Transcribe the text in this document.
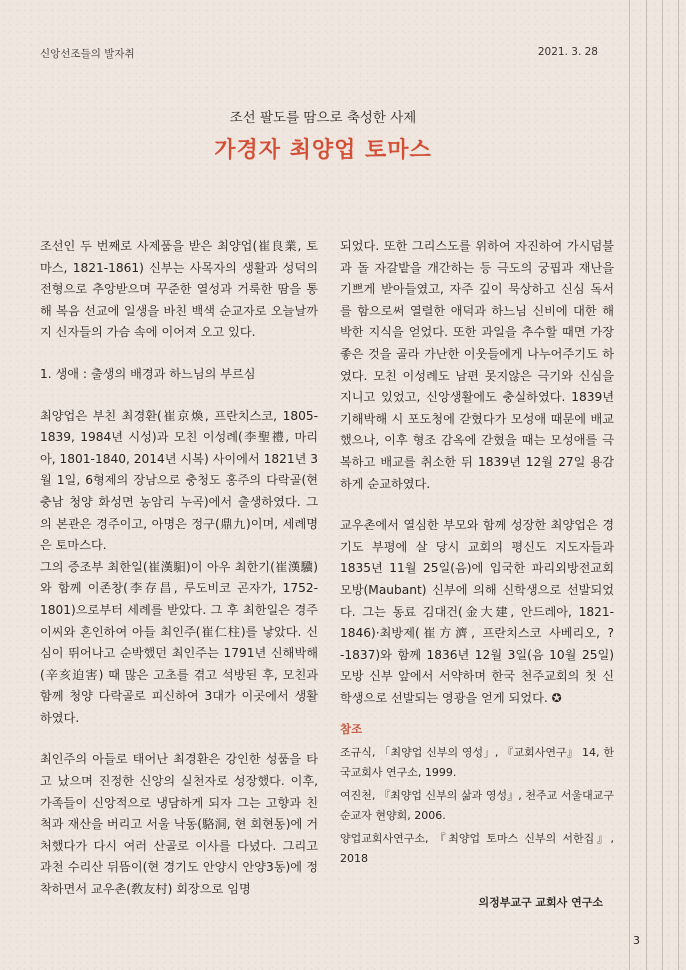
신앙선조들의 발자취	2021. 3. 28
조선 팔도를 땀으로 축성한 사제
가경자 최양업 토마스

조선인 두 번째로 사제품을 받은 최양업(崔良業, 토마스, 1821-1861) 신부는 사목자의 생활과 성덕의 전형으로 추앙받으며 꾸준한 열성과 거룩한 땀을 통해 복음 선교에 일생을 바친 백색 순교자로 오늘날까지 신자들의 가슴 속에 이어져 오고 있다.

1. 생애 : 출생의 배경과 하느님의 부르심

최양업은 부친 최경환(崔京煥, 프란치스코, 1805-1839, 1984년 시성)과 모친 이성례(李聖禮, 마리아, 1801-1840, 2014년 시복) 사이에서 1821년 3월 1일, 6형제의 장남으로 충청도 홍주의 다락골(현 충남 청양 화성면 농암리 누곡)에서 출생하였다. 그의 본관은 경주이고, 아명은 정구(鼎九)이며, 세례명은 토마스다.

그의 증조부 최한일(崔漢馹)이 아우 최한기(崔漢驥)와 함께 이존창(李存昌, 루도비코 곤자가, 1752-1801)으로부터 세례를 받았다. 그 후 최한일은 경주 이씨와 혼인하여 아들 최인주(崔仁柱)를 낳았다. 신심이 뛰어나고 순박했던 최인주는 1791년 신해박해(辛亥迫害) 때 많은 고초를 겪고 석방된 후, 모친과 함께 청양 다락골로 피신하여 3대가 이곳에서 생활하였다.

최인주의 아들로 태어난 최경환은 강인한 성품을 타고 났으며 진정한 신앙의 실천자로 성장했다. 이후, 가족들이 신앙적으로 냉담하게 되자 그는 고향과 친척과 재산을 버리고 서울 낙동(駱洞, 현 회현동)에 거처했다가 다시 여러 산골로 이사를 다녔다. 그리고 과천 수리산 뒤뜸이(현 경기도 안양시 안양3동)에 정착하면서 교우촌(敎友村) 회장으로 임명

되었다. 또한 그리스도를 위하여 자진하여 가시덤불과 돌 자갈밭을 개간하는 등 극도의 궁핍과 재난을 기쁘게 받아들였고, 자주 깊이 묵상하고 신심 독서를 함으로써 열렬한 애덕과 하느님 신비에 대한 해박한 지식을 얻었다. 또한 과일을 추수할 때면 가장 좋은 것을 골라 가난한 이웃들에게 나누어주기도 하였다. 모친 이성례도 남편 못지않은 극기와 신심을 지니고 있었고, 신앙생활에도 충실하였다. 1839년 기해박해 시 포도청에 갇혔다가 모성애 때문에 배교했으나, 이후 형조 감옥에 갇혔을 때는 모성애를 극복하고 배교를 취소한 뒤 1839년 12월 27일 용감하게 순교하였다.

교우촌에서 열심한 부모와 함께 성장한 최양업은 경기도 부평에 살 당시 교회의 평신도 지도자들과 1835년 11월 25일(음)에 입국한 파리외방전교회 모방(Maubant) 신부에 의해 신학생으로 선발되었다. 그는 동료 김대건(金大建, 안드레아, 1821-1846)·최방제(崔方濟, 프란치스코 사베리오, ?-1837)와 함께 1836년 12월 3일(음 10월 25일) 모방 신부 앞에서 서약하며 한국 천주교회의 첫 신학생으로 선발되는 영광을 얻게 되었다. ✪

참조

조규식, 「최양업 신부의 영성」, 『교회사연구』 14, 한국교회사 연구소, 1999.

여진천, 『최양업 신부의 삶과 영성』, 천주교 서울대교구 순교자 현양회, 2006.

양업교회사연구소, 『최양업 토마스 신부의 서한집』, 2018

의정부교구 교회사 연구소
3
